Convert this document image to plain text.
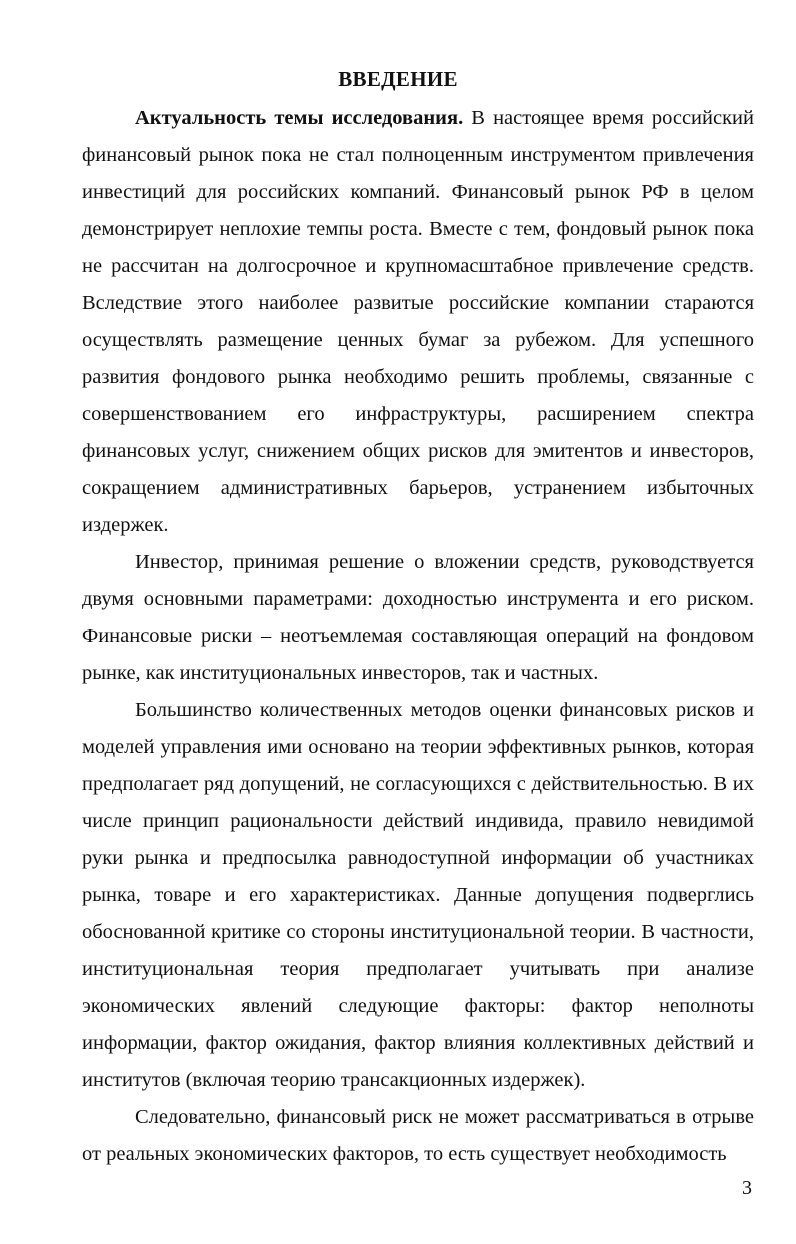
ВВЕДЕНИЕ

Актуальность темы исследования. В настоящее время российский финансовый рынок пока не стал полноценным инструментом привлечения инвестиций для российских компаний. Финансовый рынок РФ в целом демонстрирует неплохие темпы роста. Вместе с тем, фондовый рынок пока не рассчитан на долгосрочное и крупномасштабное привлечение средств. Вследствие этого наиболее развитые российские компании стараются осуществлять размещение ценных бумаг за рубежом. Для успешного развития фондового рынка необходимо решить проблемы, связанные с совершенствованием его инфраструктуры, расширением спектра финансовых услуг, снижением общих рисков для эмитентов и инвесторов, сокращением административных барьеров, устранением избыточных издержек.

Инвестор, принимая решение о вложении средств, руководствуется двумя основными параметрами: доходностью инструмента и его риском. Финансовые риски – неотъемлемая составляющая операций на фондовом рынке, как институциональных инвесторов, так и частных.

Большинство количественных методов оценки финансовых рисков и моделей управления ими основано на теории эффективных рынков, которая предполагает ряд допущений, не согласующихся с действительностью. В их числе принцип рациональности действий индивида, правило невидимой руки рынка и предпосылка равнодоступной информации об участниках рынка, товаре и его характеристиках. Данные допущения подверглись обоснованной критике со стороны институциональной теории. В частности, институциональная теория предполагает учитывать при анализе экономических явлений следующие факторы: фактор неполноты информации, фактор ожидания, фактор влияния коллективных действий и институтов (включая теорию трансакционных издержек).

Следовательно, финансовый риск не может рассматриваться в отрыве от реальных экономических факторов, то есть существует необходимость

3
